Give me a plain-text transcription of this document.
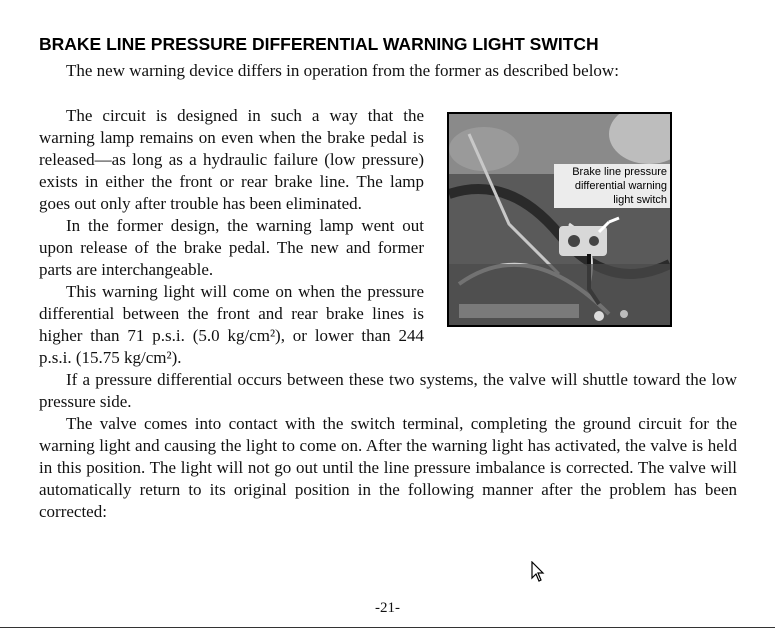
BRAKE LINE PRESSURE DIFFERENTIAL WARNING LIGHT SWITCH
The new warning device differs in operation from the former as described below:

The circuit is designed in such a way that the warning lamp remains on even when the brake pedal is released—as long as a hydraulic failure (low pressure) exists in either the front or rear brake line. The lamp goes out only after trouble has been eliminated.

In the former design, the warning lamp went out upon release of the brake pedal. The new and former parts are interchangeable.

This warning light will come on when the pressure differential between the front and rear brake lines is higher than 71 p.s.i. (5.0 kg/cm²), or lower than 244 p.s.i. (15.75 kg/cm²).

Brake line pressure
differential warning
light switch

If a pressure differential occurs between these two systems, the valve will shuttle toward the low pressure side.

The valve comes into contact with the switch terminal, completing the ground circuit for the warning light and causing the light to come on. After the warning light has activated, the valve is held in this position. The light will not go out until the line pressure imbalance is corrected. The valve will automatically return to its original position in the following manner after the problem has been corrected:

-21-
